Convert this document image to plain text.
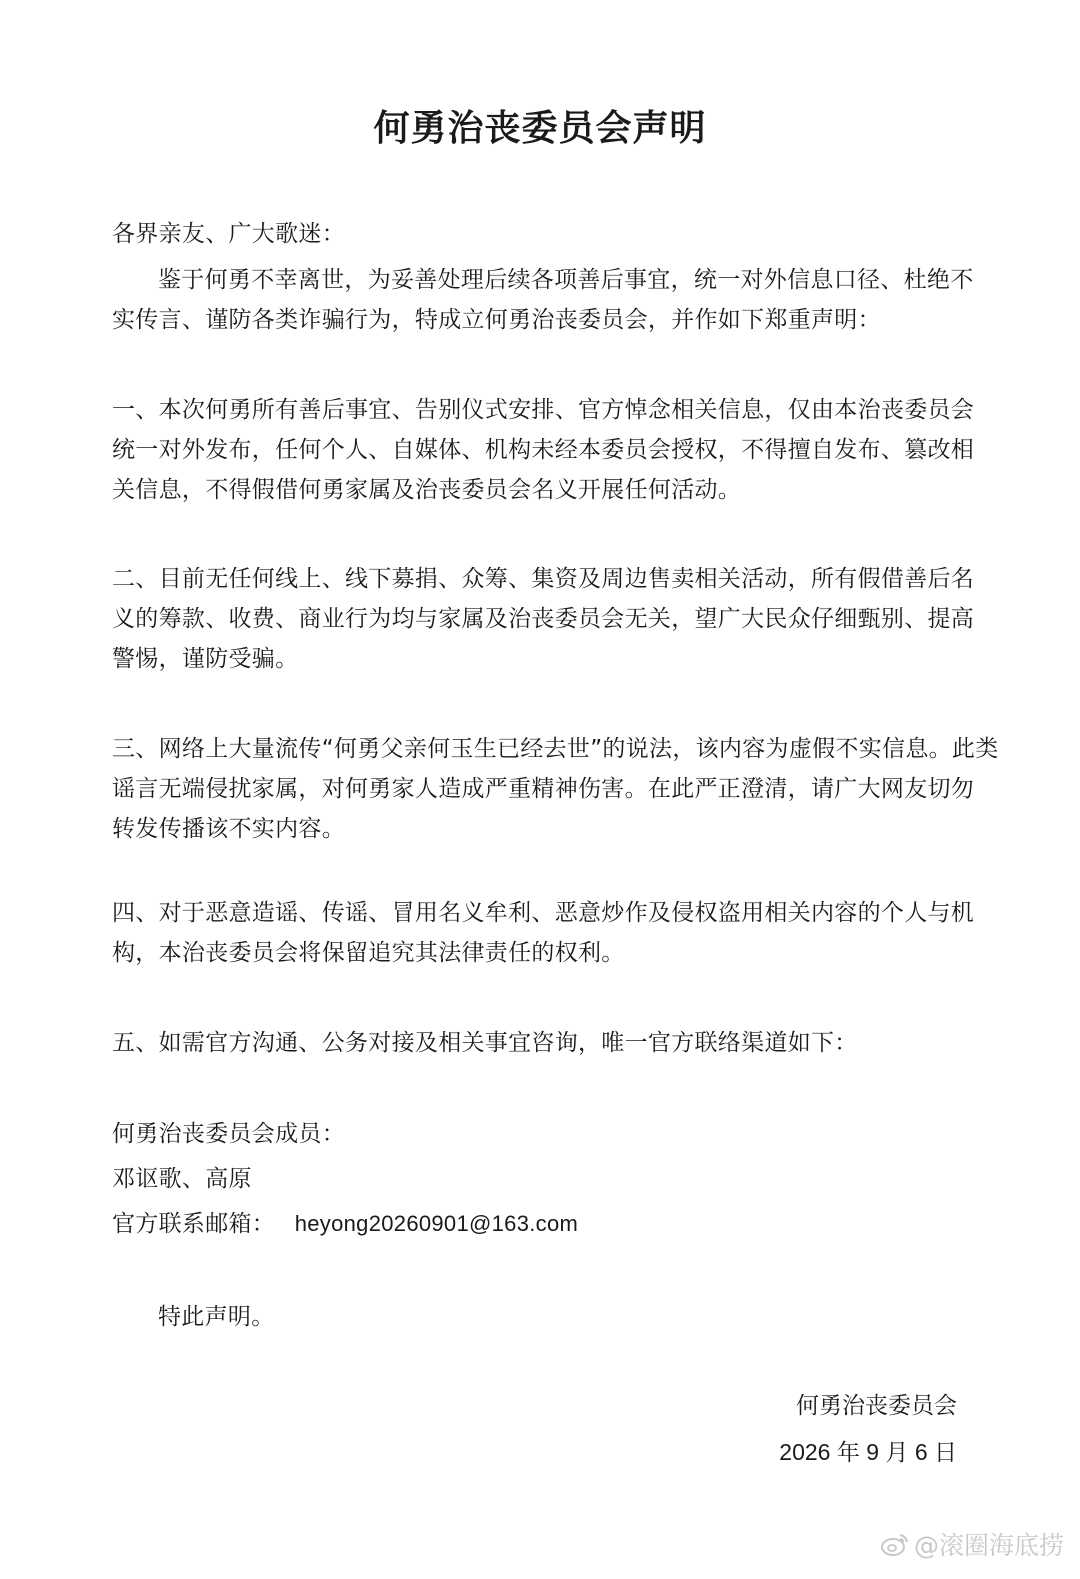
何勇治丧委员会声明
各界亲友、广大歌迷：
鉴于何勇不幸离世，为妥善处理后续各项善后事宜，统一对外信息口径、杜绝不
实传言、谨防各类诈骗行为，特成立何勇治丧委员会，并作如下郑重声明：
一、本次何勇所有善后事宜、告别仪式安排、官方悼念相关信息，仅由本治丧委员会
统一对外发布，任何个人、自媒体、机构未经本委员会授权，不得擅自发布、篡改相
关信息，不得假借何勇家属及治丧委员会名义开展任何活动。
二、目前无任何线上、线下募捐、众筹、集资及周边售卖相关活动，所有假借善后名
义的筹款、收费、商业行为均与家属及治丧委员会无关，望广大民众仔细甄别、提高
警惕，谨防受骗。
三、网络上大量流传“何勇父亲何玉生已经去世”的说法，该内容为虚假不实信息。此类
谣言无端侵扰家属，对何勇家人造成严重精神伤害。在此严正澄清，请广大网友切勿
转发传播该不实内容。
四、对于恶意造谣、传谣、冒用名义牟利、恶意炒作及侵权盗用相关内容的个人与机
构，本治丧委员会将保留追究其法律责任的权利。
五、如需官方沟通、公务对接及相关事宜咨询，唯一官方联络渠道如下：
何勇治丧委员会成员：
邓讴歌、高原
官方联系邮箱： heyong20260901@163.com
特此声明。
何勇治丧委员会
2026 年 9 月 6 日
@滚圈海底捞
